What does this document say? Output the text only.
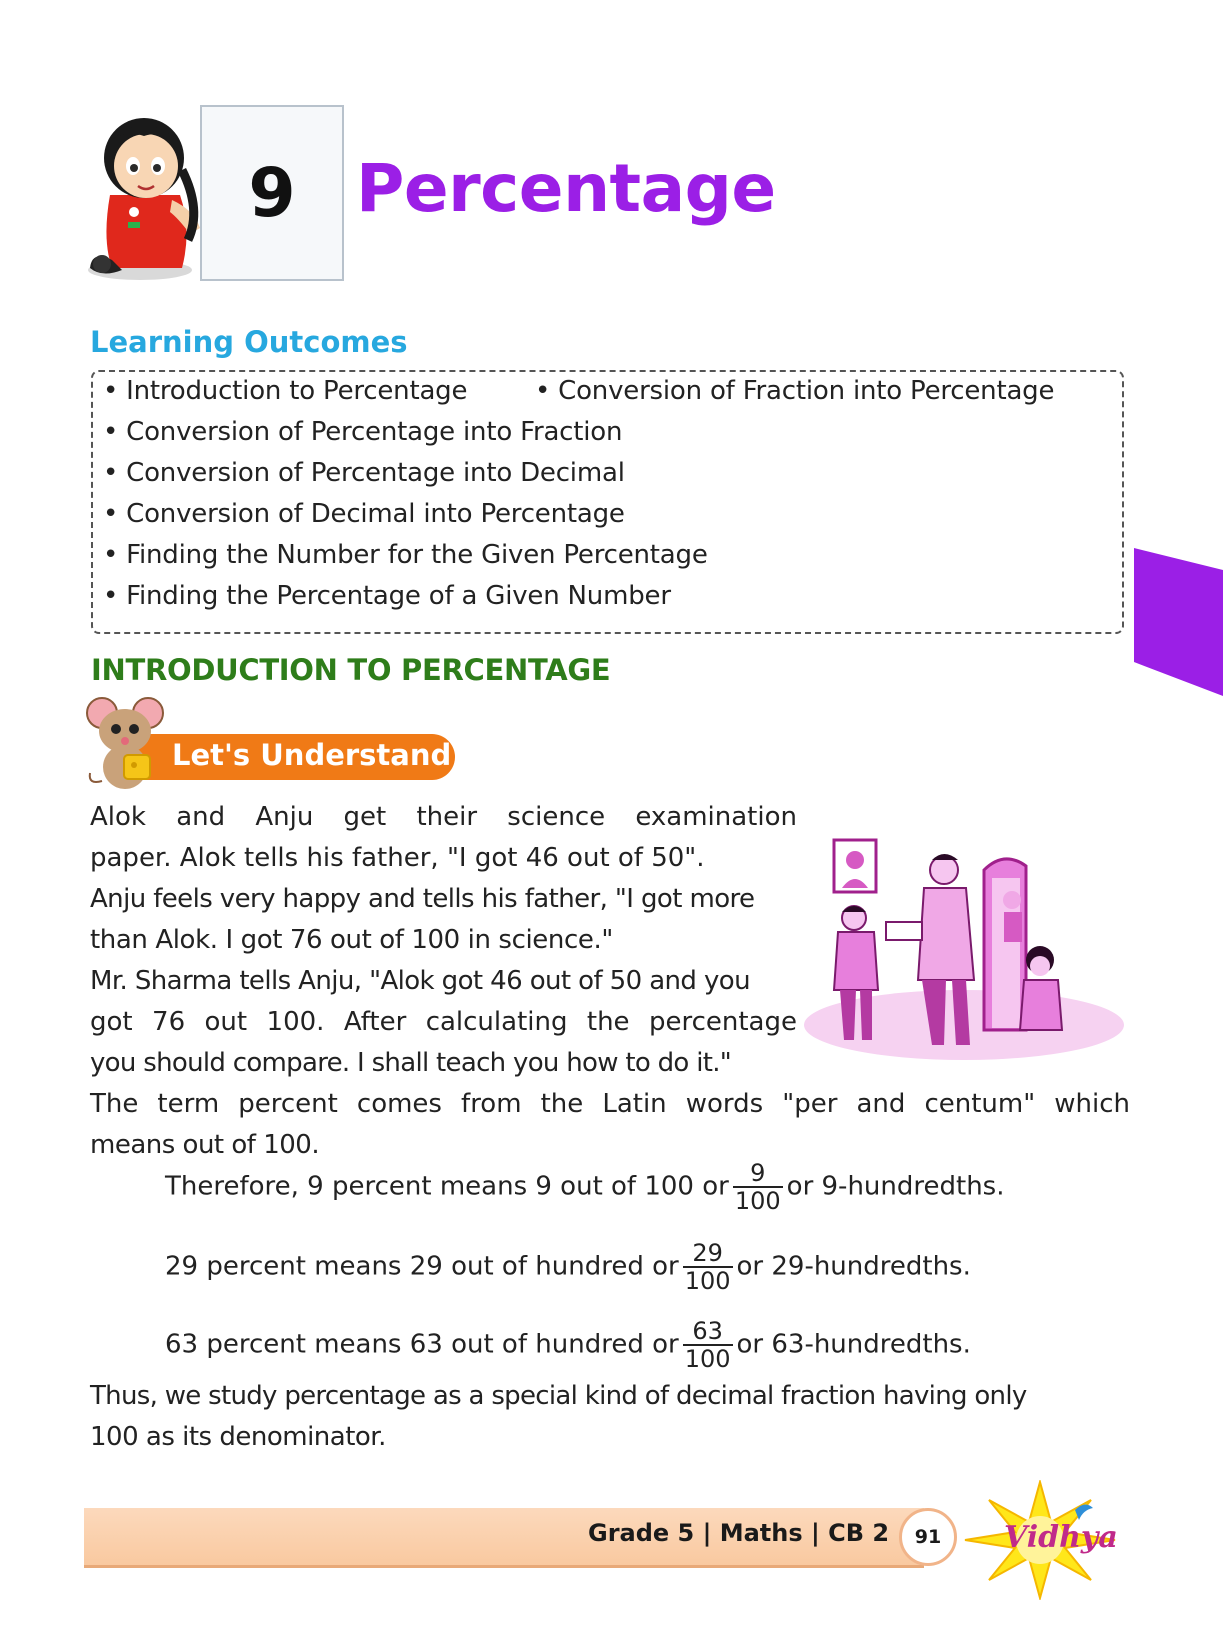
9 Percentage
Learning Outcomes
• Introduction to Percentage	• Conversion of Fraction into Percentage
• Conversion of Percentage into Fraction
• Conversion of Percentage into Decimal
• Conversion of Decimal into Percentage
• Finding the Number for the Given Percentage
• Finding the Percentage of a Given Number
INTRODUCTION TO PERCENTAGE
Let's Understand
Alok and Anju get their science examination
paper. Alok tells his father, "I got 46 out of 50".
Anju feels very happy and tells his father, "I got more
than Alok. I got 76 out of 100 in science."
Mr. Sharma tells Anju, "Alok got 46 out of 50 and you
got 76 out 100. After calculating the percentage
you should compare. I shall teach you how to do it."
The term percent comes from the Latin words "per and centum" which
means out of 100.
Therefore, 9 percent means 9 out of 100 or $\frac{9}{100}$ or 9-hundredths.
29 percent means 29 out of hundred or $\frac{29}{100}$ or 29-hundredths.
63 percent means 63 out of hundred or $\frac{63}{100}$ or 63-hundredths.
Thus, we study percentage as a special kind of decimal fraction having only
100 as its denominator.
Grade 5 | Maths | CB 2 91 Vidhya
